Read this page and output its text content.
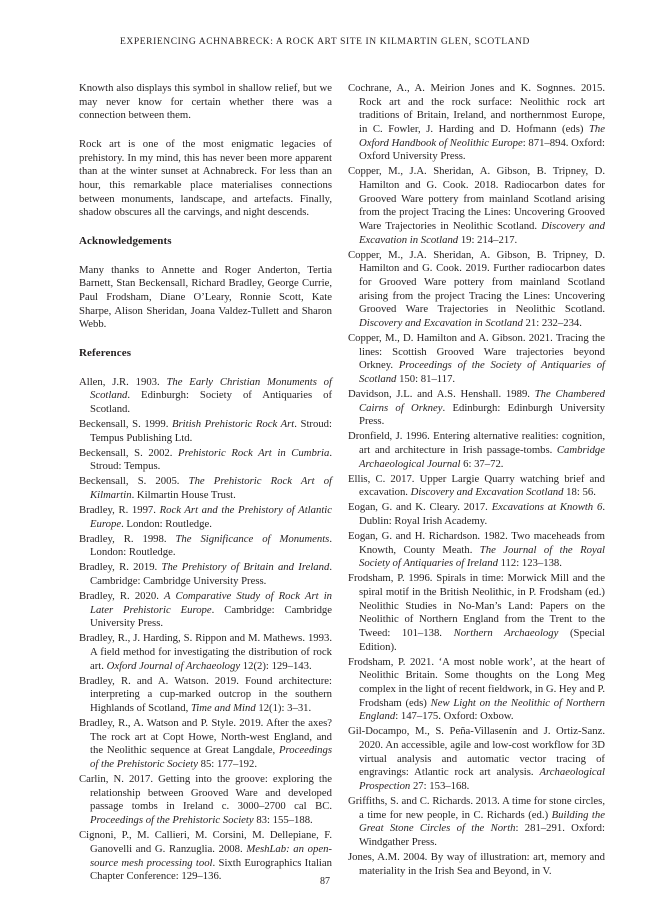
EXPERIENCING ACHNABRECK: A ROCK ART SITE IN KILMARTIN GLEN, SCOTLAND

Knowth also displays this symbol in shallow relief, but we may never know for certain whether there was a connection between them.

Rock art is one of the most enigmatic legacies of prehistory. In my mind, this has never been more apparent than at the winter sunset at Achnabreck. For less than an hour, this remarkable place materialises connections between monuments, landscape, and artefacts. Finally, shadow obscures all the carvings, and night descends.

Acknowledgements

Many thanks to Annette and Roger Anderton, Tertia Barnett, Stan Beckensall, Richard Bradley, George Currie, Paul Frodsham, Diane O’Leary, Ronnie Scott, Kate Sharpe, Alison Sheridan, Joana Valdez-Tullett and Sharon Webb.

References
Allen, J.R. 1903. The Early Christian Monuments of Scotland. Edinburgh: Society of Antiquaries of Scotland.
Beckensall, S. 1999. British Prehistoric Rock Art. Stroud: Tempus Publishing Ltd.
Beckensall, S. 2002. Prehistoric Rock Art in Cumbria. Stroud: Tempus.
Beckensall, S. 2005. The Prehistoric Rock Art of Kilmartin. Kilmartin House Trust.
Bradley, R. 1997. Rock Art and the Prehistory of Atlantic Europe. London: Routledge.
Bradley, R. 1998. The Significance of Monuments. London: Routledge.
Bradley, R. 2019. The Prehistory of Britain and Ireland. Cambridge: Cambridge University Press.
Bradley, R. 2020. A Comparative Study of Rock Art in Later Prehistoric Europe. Cambridge: Cambridge University Press.
Bradley, R., J. Harding, S. Rippon and M. Mathews. 1993. A field method for investigating the distribution of rock art. Oxford Journal of Archaeology 12(2): 129–143.
Bradley, R. and A. Watson. 2019. Found architecture: interpreting a cup-marked outcrop in the southern Highlands of Scotland, Time and Mind 12(1): 3–31.
Bradley, R., A. Watson and P. Style. 2019. After the axes? The rock art at Copt Howe, North-west England, and the Neolithic sequence at Great Langdale, Proceedings of the Prehistoric Society 85: 177–192.
Carlin, N. 2017. Getting into the groove: exploring the relationship between Grooved Ware and developed passage tombs in Ireland c. 3000–2700 cal BC. Proceedings of the Prehistoric Society 83: 155–188.
Cignoni, P., M. Callieri, M. Corsini, M. Dellepiane, F. Ganovelli and G. Ranzuglia. 2008. MeshLab: an open-source mesh processing tool. Sixth Eurographics Italian Chapter Conference: 129–136.
Cochrane, A., A. Meirion Jones and K. Sognnes. 2015. Rock art and the rock surface: Neolithic rock art traditions of Britain, Ireland, and northernmost Europe, in C. Fowler, J. Harding and D. Hofmann (eds) The Oxford Handbook of Neolithic Europe: 871–894. Oxford: Oxford University Press.
Copper, M., J.A. Sheridan, A. Gibson, B. Tripney, D. Hamilton and G. Cook. 2018. Radiocarbon dates for Grooved Ware pottery from mainland Scotland arising from the project Tracing the Lines: Uncovering Grooved Ware Trajectories in Neolithic Scotland. Discovery and Excavation in Scotland 19: 214–217.
Copper, M., J.A. Sheridan, A. Gibson, B. Tripney, D. Hamilton and G. Cook. 2019. Further radiocarbon dates for Grooved Ware pottery from mainland Scotland arising from the project Tracing the Lines: Uncovering Grooved Ware Trajectories in Neolithic Scotland. Discovery and Excavation in Scotland 21: 232–234.
Copper, M., D. Hamilton and A. Gibson. 2021. Tracing the lines: Scottish Grooved Ware trajectories beyond Orkney. Proceedings of the Society of Antiquaries of Scotland 150: 81–117.
Davidson, J.L. and A.S. Henshall. 1989. The Chambered Cairns of Orkney. Edinburgh: Edinburgh University Press.
Dronfield, J. 1996. Entering alternative realities: cognition, art and architecture in Irish passage-tombs. Cambridge Archaeological Journal 6: 37–72.
Ellis, C. 2017. Upper Largie Quarry watching brief and excavation. Discovery and Excavation Scotland 18: 56.
Eogan, G. and K. Cleary. 2017. Excavations at Knowth 6. Dublin: Royal Irish Academy.
Eogan, G. and H. Richardson. 1982. Two maceheads from Knowth, County Meath. The Journal of the Royal Society of Antiquaries of Ireland 112: 123–138.
Frodsham, P. 1996. Spirals in time: Morwick Mill and the spiral motif in the British Neolithic, in P. Frodsham (ed.) Neolithic Studies in No-Man’s Land: Papers on the Neolithic of Northern England from the Trent to the Tweed: 101–138. Northern Archaeology (Special Edition).
Frodsham, P. 2021. ‘A most noble work’, at the heart of Neolithic Britain. Some thoughts on the Long Meg complex in the light of recent fieldwork, in G. Hey and P. Frodsham (eds) New Light on the Neolithic of Northern England: 147–175. Oxford: Oxbow.
Gil-Docampo, M., S. Peña-Villasenín and J. Ortiz-Sanz. 2020. An accessible, agile and low-cost workflow for 3D virtual analysis and automatic vector tracing of engravings: Atlantic rock art analysis. Archaeological Prospection 27: 153–168.
Griffiths, S. and C. Richards. 2013. A time for stone circles, a time for new people, in C. Richards (ed.) Building the Great Stone Circles of the North: 281–291. Oxford: Windgather Press.
Jones, A.M. 2004. By way of illustration: art, memory and materiality in the Irish Sea and Beyond, in V.
87
